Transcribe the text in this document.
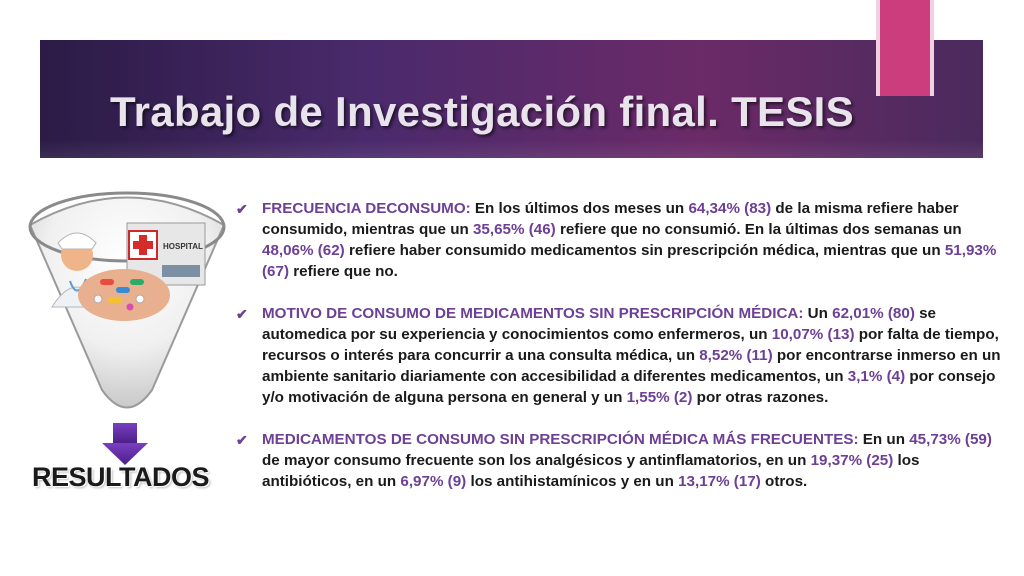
Trabajo de Investigación final. TESIS
HOSPITAL
RESULTADOS
✔ FRECUENCIA DECONSUMO: En los últimos dos meses un 64,34% (83) de la misma refiere haber consumido, mientras que un 35,65% (46) refiere que no consumió. En la últimas dos semanas un 48,06% (62) refiere haber consumido medicamentos sin prescripción médica, mientras que un 51,93% (67) refiere que no.
✔ MOTIVO DE CONSUMO DE MEDICAMENTOS SIN PRESCRIPCIÓN MÉDICA: Un 62,01% (80) se automedica por su experiencia y conocimientos como enfermeros, un 10,07% (13) por falta de tiempo, recursos o interés para concurrir a una consulta médica, un 8,52% (11) por encontrarse inmerso en un ambiente sanitario diariamente con accesibilidad a diferentes medicamentos, un 3,1% (4) por consejo y/o motivación de alguna persona en general y un 1,55% (2) por otras razones.
✔ MEDICAMENTOS DE CONSUMO SIN PRESCRIPCIÓN MÉDICA MÁS FRECUENTES: En un 45,73% (59) de mayor consumo frecuente son los analgésicos y antinflamatorios, en un 19,37% (25) los antibióticos, en un 6,97% (9) los antihistamínicos y en un 13,17% (17) otros.
